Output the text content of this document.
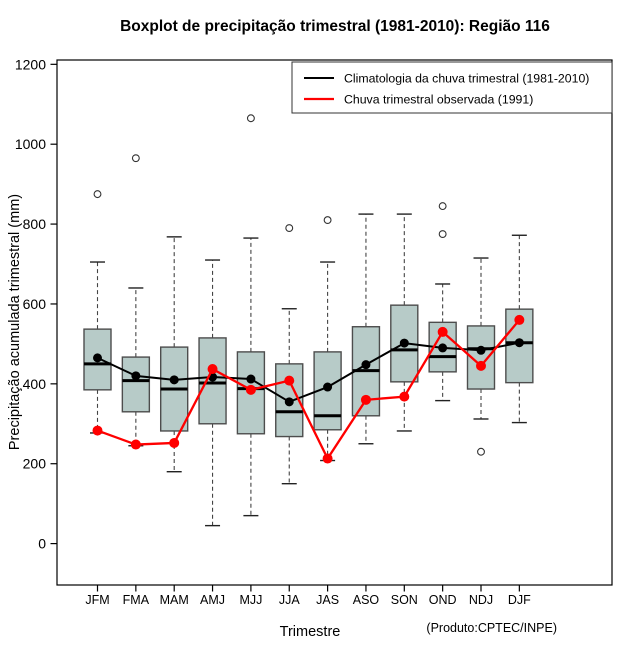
Boxplot de precipitação trimestral (1981-2010): Região 116
Precipitação acumulada trimestral (mm)
Trimestre	(Produto:CPTEC/INPE)
0
200
400
600
800
1000
1200
JFM FMA MAM AMJ MJJ JJA JAS ASO SON OND NDJ DJF
Climatologia da chuva trimestral (1981-2010)
Chuva trimestral observada (1991)
